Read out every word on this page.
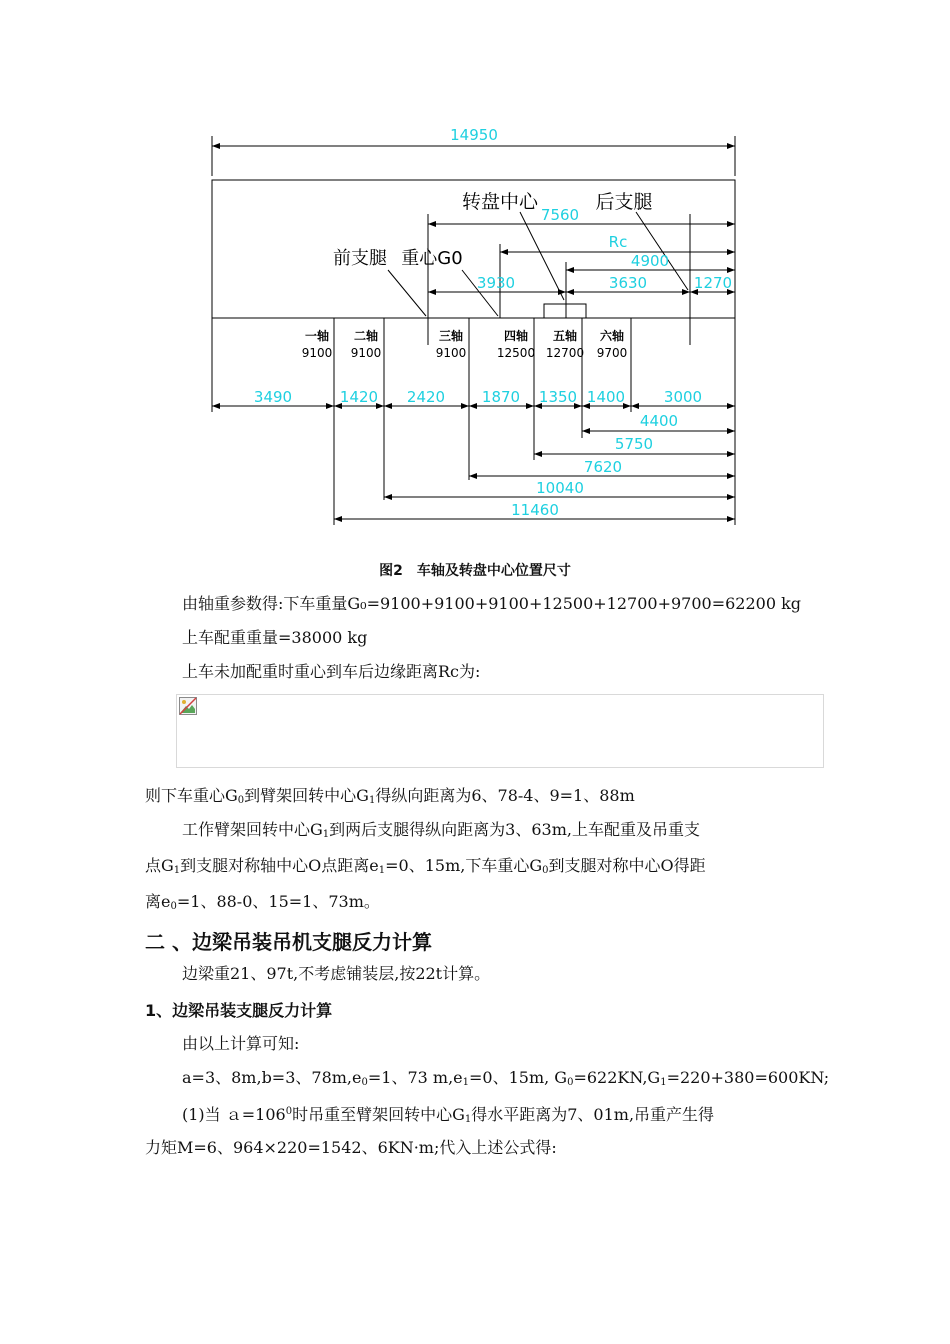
14950
转盘中心	后支腿
前支腿 重心G0
7560
Rc
4900
3930	3630	1270
一轴
9100
二轴
9100
三轴
9100
四轴
12500
五轴
12700
六轴
9700
3490	1420 2420 1870 1350 1400	3000
4400
5750
7620
10040
11460
图2 车轴及转盘中心位置尺寸
由轴重参数得:下车重量G₀=9100+9100+9100+12500+12700+9700=62200 kg
上车配重重量=38000 kg
上车未加配重时重心到车后边缘距离Rc为:
则下车重心$G_0$到臂架回转中心$G_1$得纵向距离为6、78-4、9=1、88m
工作臂架回转中心$G_1$到两后支腿得纵向距离为3、63m,上车配重及吊重支
点$G_1$到支腿对称轴中心O点距离$e_1=0$、15m,下车重心$G_0$到支腿对称中心O得距
离$e_0=1$、88-0、15=1、73m。
二 、边梁吊装吊机支腿反力计算
边梁重21、97t,不考虑铺装层,按22t计算。
1、边梁吊装支腿反力计算
由以上计算可知:
a=3、8m,b=3、$78m,e_0=1$、73 $m,e_1=0$、15m, $G_0=622KN,G_1=220+380=600KN$;
(1)当 $a=106^0$时吊重至臂架回转中心$G_1$得水平距离为7、01m,吊重产生得
力矩M=6、964×220=1542、6KN·m;代入上述公式得:
